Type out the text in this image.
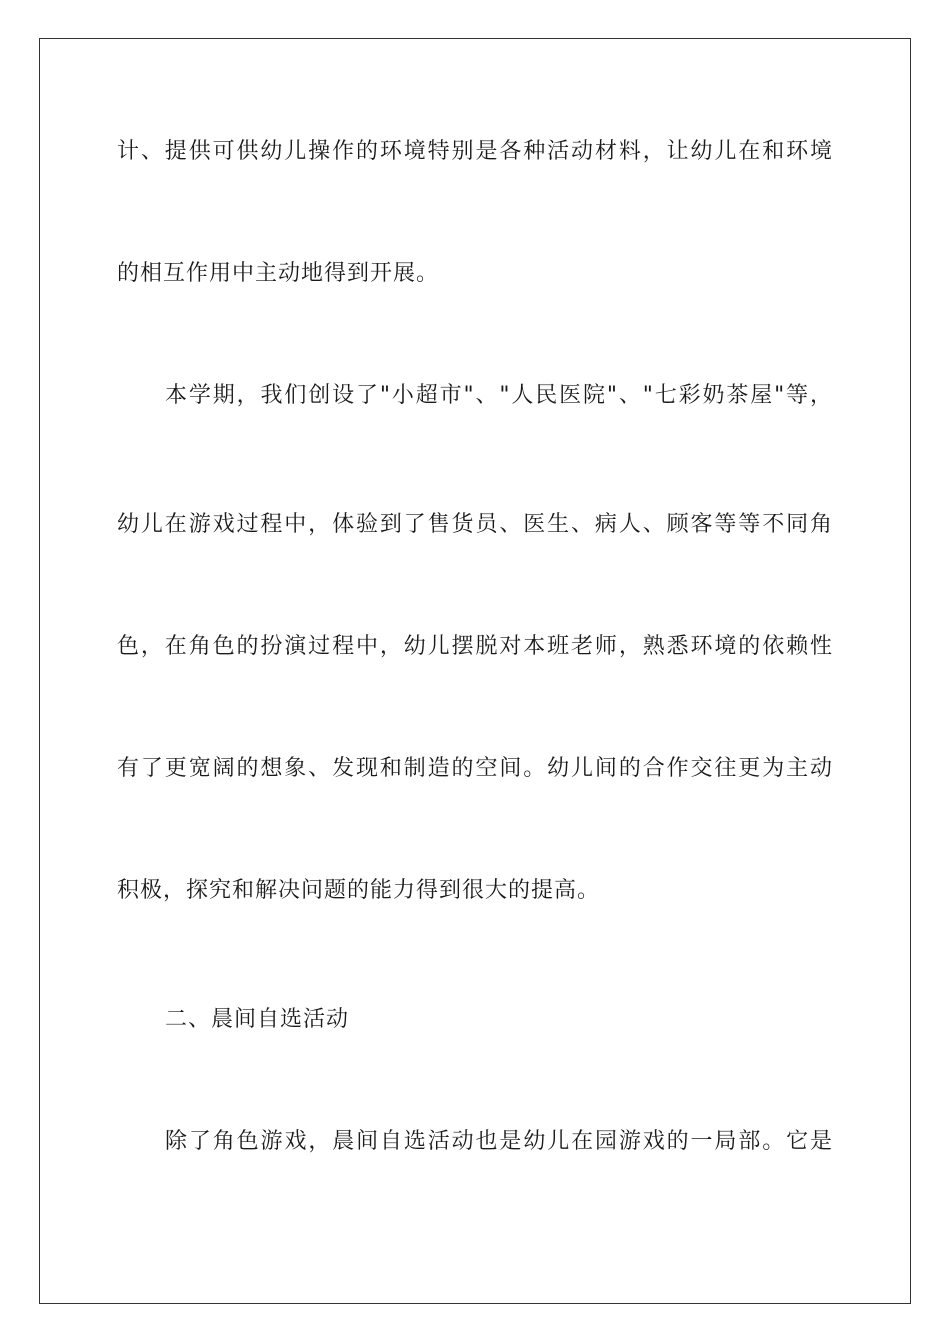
计、提供可供幼儿操作的环境特别是各种活动材料，让幼儿在和环境
的相互作用中主动地得到开展。
本学期，我们创设了"小超市"、"人民医院"、"七彩奶茶屋"等，
幼儿在游戏过程中，体验到了售货员、医生、病人、顾客等等不同角
色，在角色的扮演过程中，幼儿摆脱对本班老师，熟悉环境的依赖性
有了更宽阔的想象、发现和制造的空间。幼儿间的合作交往更为主动
积极，探究和解决问题的能力得到很大的提高。
二、晨间自选活动
除了角色游戏，晨间自选活动也是幼儿在园游戏的一局部。它是
